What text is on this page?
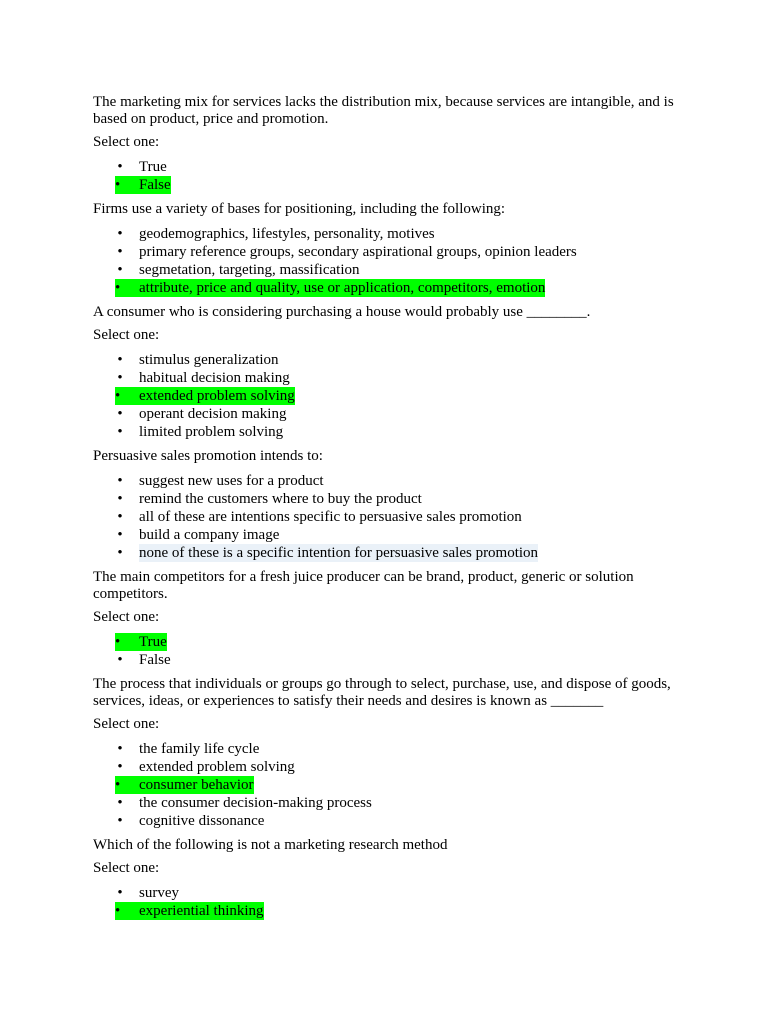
The marketing mix for services lacks the distribution mix, because services are intangible, and is based on product, price and promotion.

Select one:

• True
•	False

Firms use a variety of bases for positioning, including the following:

• geodemographics, lifestyles, personality, motives
• primary reference groups, secondary aspirational groups, opinion leaders
• segmetation, targeting, massification
•	attribute, price and quality, use or application, competitors, emotion

A consumer who is considering purchasing a house would probably use ________.

Select one:

• stimulus generalization
• habitual decision making
•	extended problem solving
• operant decision making
• limited problem solving

Persuasive sales promotion intends to:

• suggest new uses for a product
• remind the customers where to buy the product
• all of these are intentions specific to persuasive sales promotion
• build a company image
• none of these is a specific intention for persuasive sales promotion

The main competitors for a fresh juice producer can be brand, product, generic or solution competitors.

Select one:

•	True
• False

The process that individuals or groups go through to select, purchase, use, and dispose of goods, services, ideas, or experiences to satisfy their needs and desires is known as _______

Select one:

• the family life cycle
• extended problem solving
•	consumer behavior
• the consumer decision-making process
• cognitive dissonance

Which of the following is not a marketing research method

Select one:

• survey
•	experiential thinking
